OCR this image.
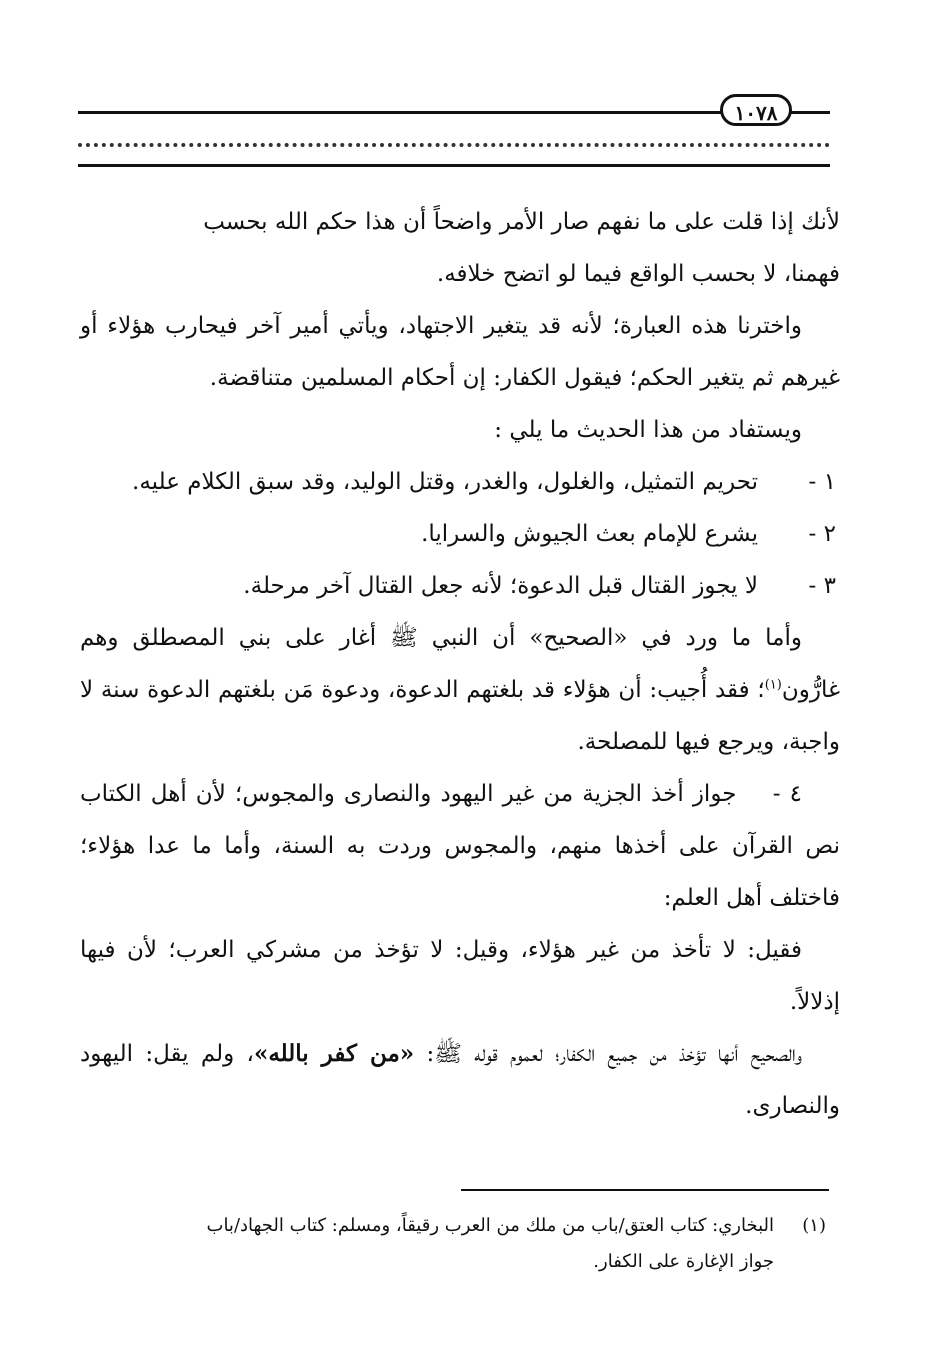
١٠٧٨

لأنك إذا قلت على ما نفهم صار الأمر واضحاً أن هذا حكم الله بحسب

فهمنا، لا بحسب الواقع فيما لو اتضح خلافه.

واخترنا هذه العبارة؛ لأنه قد يتغير الاجتهاد، ويأتي أمير آخر فيحارب هؤلاء أو غيرهم ثم يتغير الحكم؛ فيقول الكفار: إن أحكام المسلمين متناقضة.

ويستفاد من هذا الحديث ما يلي :

١ -
تحريم التمثيل، والغلول، والغدر، وقتل الوليد، وقد سبق الكلام عليه.
٢ -
يشرع للإمام بعث الجيوش والسرايا.
٣ -
لا يجوز القتال قبل الدعوة؛ لأنه جعل القتال آخر مرحلة.

وأما ما ورد في «الصحيح» أن النبي ﷺ أغار على بني المصطلق وهم غارُّون$^{(١)}$؛ فقد أُجيب: أن هؤلاء قد بلغتهم الدعوة، ودعوة مَن بلغتهم الدعوة سنة لا واجبة، ويرجع فيها للمصلحة.

٤ -    جواز أخذ الجزية من غير اليهود والنصارى والمجوس؛ لأن أهل الكتاب نص القرآن على أخذها منهم، والمجوس وردت به السنة، وأما ما عدا هؤلاء؛ فاختلف أهل العلم:

فقيل: لا تأخذ من غير هؤلاء، وقيل: لا تؤخذ من مشركي العرب؛ لأن فيها إذلالاً.

والصحيح أنها تؤخذ من جميع الكفار؛ لعموم قوله ﷺ: «من كفر بالله»، ولم يقل: اليهود والنصارى.

(١)البخاري: كتاب العتق/باب من ملك من العرب رقيقاً، ومسلم: كتاب الجهاد/باب

جواز الإغارة على الكفار.
